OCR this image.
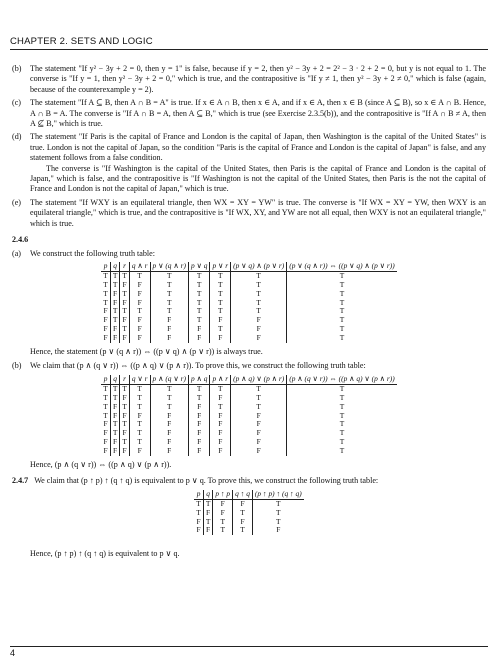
CHAPTER 2. SETS AND LOGIC
(b)	The statement "If y² − 3y + 2 = 0, then y = 1" is false, because if y = 2, then y² − 3y + 2 = 2² − 3 · 2 + 2 = 0, but y is not equal to 1. The converse is "If y = 1, then y² − 3y + 2 = 0," which is true, and the contrapositive is "If y ≠ 1, then y² − 3y + 2 ≠ 0," which is false (again, because of the counterexample y = 2).

(c)	The statement "If A ⊆ B, then A ∩ B = A" is true. If x ∈ A ∩ B, then x ∈ A, and if x ∈ A, then x ∈ B (since A ⊆ B), so x ∈ A ∩ B. Hence, A ∩ B = A. The converse is "If A ∩ B = A, then A ⊆ B," which is true (see Exercise 2.3.5(b)), and the contrapositive is "If A ∩ B ≠ A, then A ⊈ B," which is true.

(d)	The statement "If Paris is the capital of France and London is the capital of Japan, then Washington is the capital of the United States" is true. London is not the capital of Japan, so the condition "Paris is the capital of France and London is the capital of Japan" is false, and any statement follows from a false condition.

The converse is "If Washington is the capital of the United States, then Paris is the capital of France and London is the capital of Japan," which is false, and the contrapositive is "If Washington is not the capital of the United States, then Paris is the not the capital of France and London is not the capital of Japan," which is true.

(e)	The statement "If WXY is an equilateral triangle, then WX = XY = YW" is true. The converse is "If WX = XY = YW, then WXY is an equilateral triangle," which is true, and the contrapositive is "If WX, XY, and YW are not all equal, then WXY is not an equilateral triangle," which is true.

2.4.6
(a)	We construct the following truth table:
p	q	r	q ∧ r	p ∨ (q ∧ r)	p ∨ q	p ∨ r	(p ∨ q) ∧ (p ∨ r)	(p ∨ (q ∧ r)) ⇔ ((p ∨ q) ∧ (p ∨ r))
T	T	T	T	T	T	T	T	T
T	T	F	F	T	T	T	T	T
T	F	T	F	T	T	T	T	T
T	F	F	F	T	T	T	T	T
F	T	T	T	T	T	T	T	T
F	T	F	F	F	T	F	F	T
F	F	T	F	F	F	T	F	T
F	F	F	F	F	F	F	F	T
Hence, the statement (p ∨ (q ∧ r)) ⇔ ((p ∨ q) ∧ (p ∨ r)) is always true.
(b)	We claim that (p ∧ (q ∨ r)) ⇔ ((p ∧ q) ∨ (p ∧ r)). To prove this, we construct the following truth table:
p	q	r	q ∨ r	p ∧ (q ∨ r)	p ∧ q	p ∧ r	(p ∧ q) ∨ (p ∧ r)	(p ∧ (q ∨ r)) ⇔ ((p ∧ q) ∨ (p ∧ r))
T	T	T	T	T	T	T	T	T
T	T	F	T	T	T	F	T	T
T	F	T	T	T	F	T	T	T
T	F	F	F	F	F	F	F	T
F	T	T	T	F	F	F	F	T
F	T	F	T	F	F	F	F	T
F	F	T	T	F	F	F	F	T
F	F	F	F	F	F	F	F	T
Hence, (p ∧ (q ∨ r)) ⇔ ((p ∧ q) ∨ (p ∧ r)).
2.4.7 We claim that (p ↑ p) ↑ (q ↑ q) is equivalent to p ∨ q. To prove this, we construct the following truth table:
p	q	p ↑ p	q ↑ q	(p ↑ p) ↑ (q ↑ q)
T	T	F	F	T
T	F	F	T	T
F	T	T	F	T
F	F	T	T	F
Hence, (p ↑ p) ↑ (q ↑ q) is equivalent to p ∨ q.
4
